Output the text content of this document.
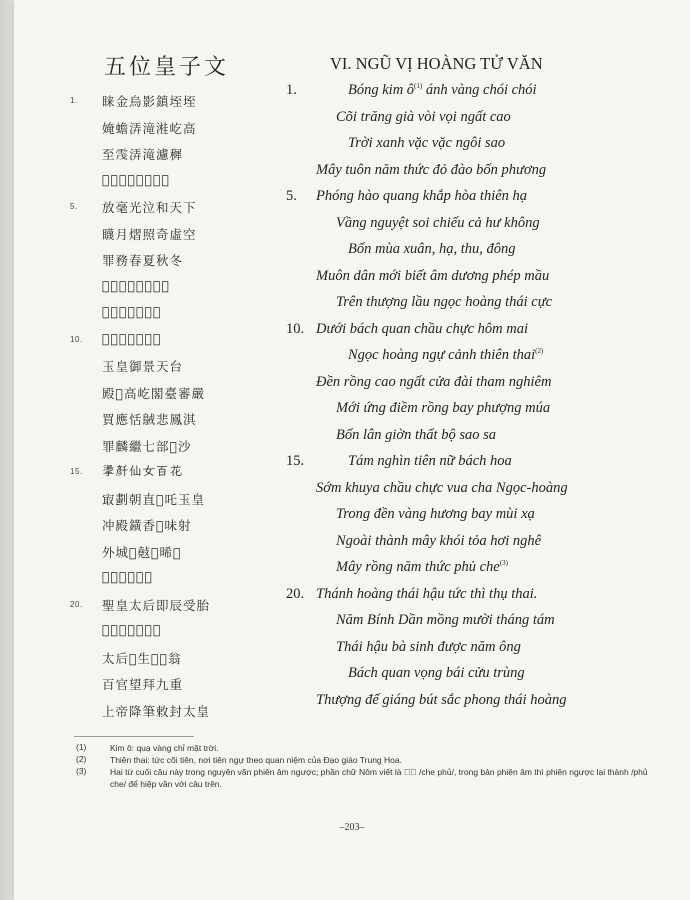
五位皇子文	VI. NGŨ VỊ HOÀNG TỬ VĂN
睐金烏影鎮垤垤
㛪蟾㳥滝溎屹高
至𩂟㳥滝濾穉
𩄲䵒𦤾式𪿍桃罪方
放毫光泣和天下
䁾月熠照奇虛空
罪務春夏秋冬
𫗃民買別陰陽法𬆃
𨕭上樓玉皇太極
𠓀百民朝直最𢆥
玉皇御景天台
殿𤒛高屹閣臺審嚴
買應恬𪀚悲鳳淇
罪麟繼七部𦟊沙
𢴳𠦳仙女百花
㝡劃朝直𬆃吒玉皇
冲殿鐄香𪿗味射
外城𪿍𢿣𬆃晞𤍶
𪿍𩄲𦤾式𬂙𡍘
聖皇太后即辰受胎
𢆥丙寅夢进𣎃𥟉
太后𢪀生𤯩𢆥翁
百官望拜九重
上帝降筆敕封太皇
1.
5.
10.
15.
20.
Bóng kim $ô^{(1)}$ ánh vàng chói chói
Cõi trăng già vòi vọi ngất cao
Trời xanh vặc vặc ngôi sao
Mây tuôn năm thức đỏ đào bốn phương
Phóng hào quang khắp hòa thiên hạ
Vầng nguyệt soi chiếu cả hư không
Bốn mùa xuân, hạ, thu, đông
Muôn dân mới biết âm dương phép mầu
Trên thượng lầu ngọc hoàng thái cực
Dưới bách quan chầu chực hôm mai
Ngọc hoàng ngự cảnh thiên thai$^{(2)}$
Đền rồng cao ngất cửa đài tham nghiêm
Mới ứng điềm rồng bay phượng múa
Bốn lân giờn thất bộ sao sa
Tám nghìn tiên nữ bách hoa
Sớm khuya chầu chực vua cha Ngọc-hoàng
Trong đền vàng hương bay mùi xạ
Ngoài thành mây khói tỏa hơi nghê
Mây rồng năm thức phủ che$^{(3)}$
Thánh hoàng thái hậu tức thì thụ thai.
Năm Bính Dần mồng mười tháng tám
Thái hậu bà sinh được năm ông
Bách quan vọng bái cửu trùng
Thượng đế giáng bút sắc phong thái hoàng
1.
5.
10.
15.
20.
(1)	Kim ô: quạ vàng chỉ mặt trời.
(2)	Thiên thai: tức cõi tiên, nơi tiên ngự theo quan niệm của Đạo giáo Trung Hoa.
(3)	Hai từ cuối câu này trong nguyên văn phiên âm ngược; phần chữ Nôm viết là 𬂙𡍘 /che phủ/, trong bản phiên âm thì phiên ngược lại thành /phủ che/ để hiệp vần với câu trên.
–203–
